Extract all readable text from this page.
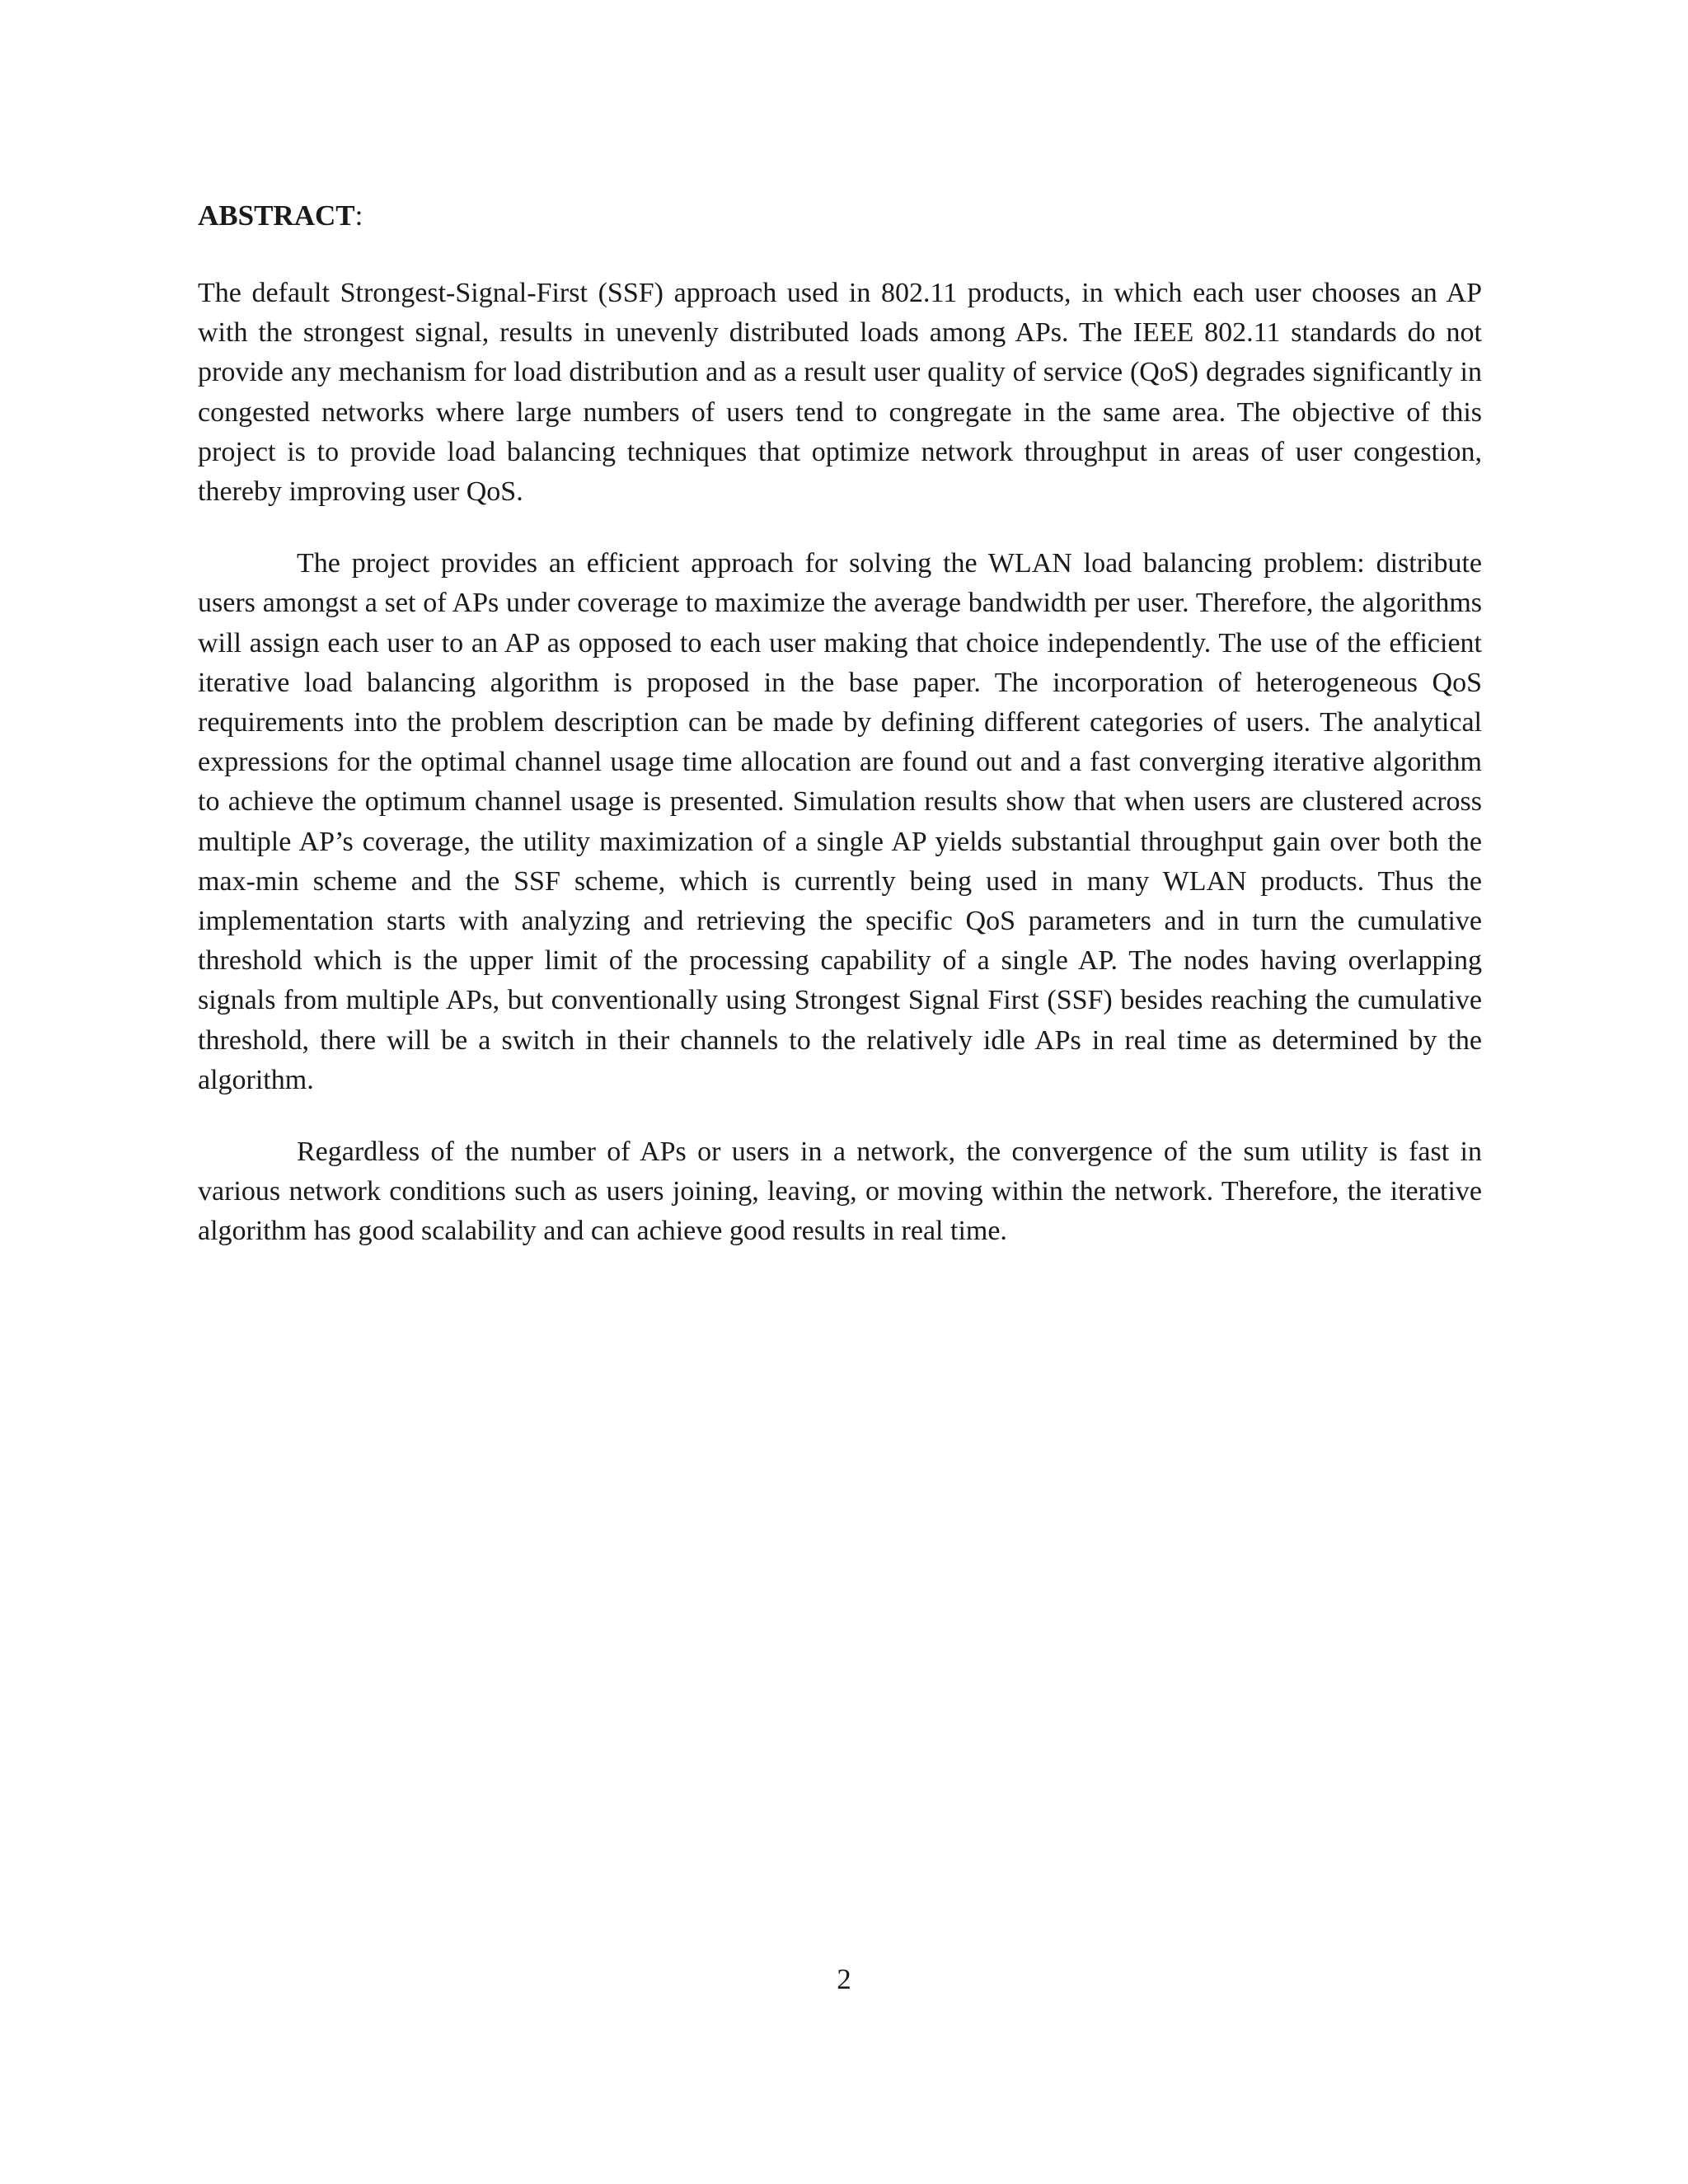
ABSTRACT:

The default Strongest-Signal-First (SSF) approach used in 802.11 products, in which each user chooses an AP with the strongest signal, results in unevenly distributed loads among APs. The IEEE 802.11 standards do not provide any mechanism for load distribution and as a result user quality of service (QoS) degrades significantly in congested networks where large numbers of users tend to congregate in the same area. The objective of this project is to provide load balancing techniques that optimize network throughput in areas of user congestion, thereby improving user QoS.

The project provides an efficient approach for solving the WLAN load balancing problem: distribute users amongst a set of APs under coverage to maximize the average bandwidth per user. Therefore, the algorithms will assign each user to an AP as opposed to each user making that choice independently. The use of the efficient iterative load balancing algorithm is proposed in the base paper. The incorporation of heterogeneous QoS requirements into the problem description can be made by defining different categories of users. The analytical expressions for the optimal channel usage time allocation are found out and a fast converging iterative algorithm to achieve the optimum channel usage is presented. Simulation results show that when users are clustered across multiple AP’s coverage, the utility maximization of a single AP yields substantial throughput gain over both the max-min scheme and the SSF scheme, which is currently being used in many WLAN products. Thus the implementation starts with analyzing and retrieving the specific QoS parameters and in turn the cumulative threshold which is the upper limit of the processing capability of a single AP. The nodes having overlapping signals from multiple APs, but conventionally using Strongest Signal First (SSF) besides reaching the cumulative threshold, there will be a switch in their channels to the relatively idle APs in real time as determined by the algorithm.

Regardless of the number of APs or users in a network, the convergence of the sum utility is fast in various network conditions such as users joining, leaving, or moving within the network. Therefore, the iterative algorithm has good scalability and can achieve good results in real time.

2
